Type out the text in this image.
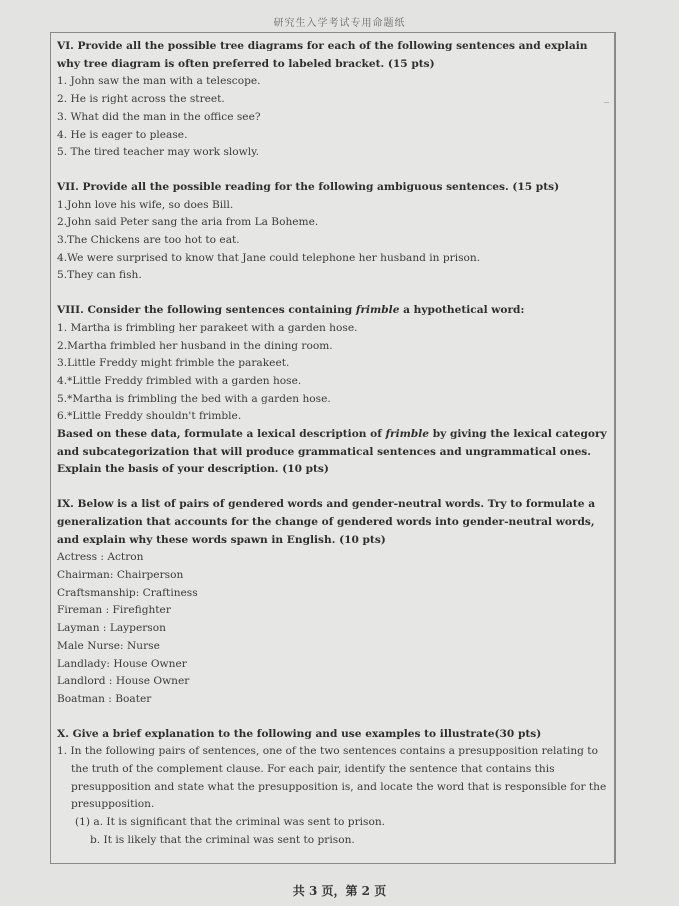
研究生入学考试专用命题纸
‾
VI. Provide all the possible tree diagrams for each of the following sentences and explain why tree diagram is often preferred to labeled bracket. (15 pts)
1. John saw the man with a telescope.
2. He is right across the street.
3. What did the man in the office see?
4. He is eager to please.
5. The tired teacher may work slowly.
VII. Provide all the possible reading for the following ambiguous sentences. (15 pts)
1.John love his wife, so does Bill.
2.John said Peter sang the aria from La Boheme.
3.The Chickens are too hot to eat.
4.We were surprised to know that Jane could telephone her husband in prison.
5.They can fish.
VIII. Consider the following sentences containing frimble a hypothetical word:
1. Martha is frimbling her parakeet with a garden hose.
2.Martha frimbled her husband in the dining room.
3.Little Freddy might frimble the parakeet.
4.*Little Freddy frimbled with a garden hose.
5.*Martha is frimbling the bed with a garden hose.
6.*Little Freddy shouldn't frimble.
Based on these data, formulate a lexical description of frimble by giving the lexical category and subcategorization that will produce grammatical sentences and ungrammatical ones. Explain the basis of your description. (10 pts)
IX. Below is a list of pairs of gendered words and gender-neutral words. Try to formulate a generalization that accounts for the change of gendered words into gender-neutral words, and explain why these words spawn in English. (10 pts)
Actress : Actron
Chairman: Chairperson
Craftsmanship: Craftiness
Fireman : Firefighter
Layman : Layperson
Male Nurse: Nurse
Landlady: House Owner
Landlord : House Owner
Boatman : Boater
X. Give a brief explanation to the following and use examples to illustrate(30 pts)
1. In the following pairs of sentences, one of the two sentences contains a presupposition relating to the truth of the complement clause. For each pair, identify the sentence that contains this presupposition and state what the presupposition is, and locate the word that is responsible for the presupposition.
(1) a. It is significant that the criminal was sent to prison.
b. It is likely that the criminal was sent to prison.
共 3 页，第 2 页
